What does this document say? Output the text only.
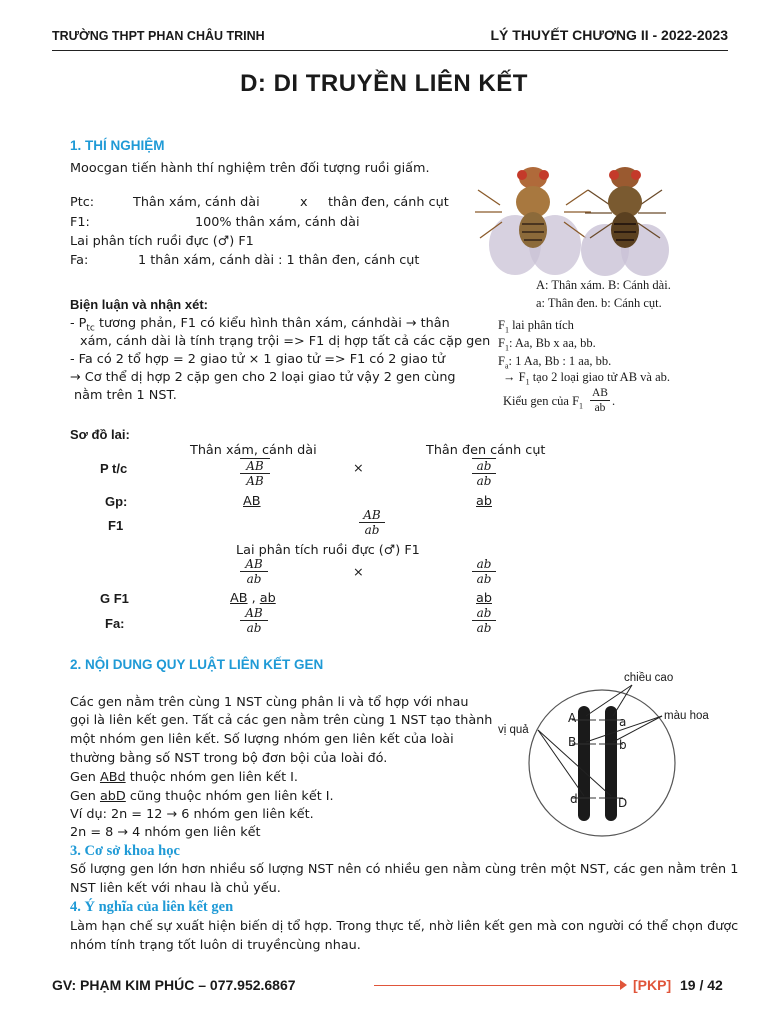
TRƯỜNG THPT PHAN CHÂU TRINH	LÝ THUYẾT CHƯƠNG II - 2022-2023
D: DI TRUYỀN LIÊN KẾT
1. THÍ NGHIỆM
Moocgan tiến hành thí nghiệm trên đối tượng ruồi giấm.
Ptc:	Thân xám, cánh dài	x thân đen, cánh cụt
F1:	100% thân xám, cánh dài
Lai phân tích ruồi đực (♂) F1
Fa:	1 thân xám, cánh dài : 1 thân đen, cánh cụt
Biện luận và nhận xét:
- $P_{tc}$ tương phản, F1 có kiểu hình thân xám, cánhdài → thân
xám, cánh dài là tính trạng trội => F1 dị hợp tất cả các cặp gen
- Fa có 2 tổ hợp = 2 giao tử × 1 giao tử => F1 có 2 giao tử
→ Cơ thể dị hợp 2 cặp gen cho 2 loại giao tử vậy 2 gen cùng
nằm trên 1 NST.
A: Thân xám. B: Cánh dài.
a: Thân đen. b: Cánh cụt.
$F_1$ lai phân tích
$F_1$: Aa, Bb x aa, bb.
$F_a$: 1 Aa, Bb : 1 aa, bb.
→ $F_1$ tạo 2 loại giao tử AB và ab.
Kiểu gen của $F_1 \frac{AB}{ab}$ .
Sơ đồ lai:
Thân xám, cánh dài	Thân đen cánh cụt
P t/c	$\frac{AB}{AB}$	×	$\frac{ab}{ab}$
Gp:	AB	ab
F1	$\frac{AB}{ab}$
Lai phân tích ruồi đực (♂) F1
$\frac{AB}{ab}$	×	$\frac{ab}{ab}$
G F1	AB , ab	ab
Fa:	$\frac{AB}{ab}$	$\frac{ab}{ab}$
2. NỘI DUNG QUY LUẬT LIÊN KẾT GEN
Các gen nằm trên cùng 1 NST cùng phân li và tổ hợp với nhau
gọi là liên kết gen. Tất cả các gen nằm trên cùng 1 NST tạo thành
một nhóm gen liên kết. Số lượng nhóm gen liên kết của loài
thường bằng số NST trong bộ đơn bội của loài đó.
Gen ABd thuộc nhóm gen liên kết I.
Gen abD cũng thuộc nhóm gen liên kết I.
Ví dụ: 2n = 12 → 6 nhóm gen liên kết.
2n = 8 → 4 nhóm gen liên kết
chiều cao
màu hoa
vị quả
A
B
d
a
b
D
3. Cơ sở khoa học
Số lượng gen lớn hơn nhiều số lượng NST nên có nhiều gen nằm cùng trên một NST, các gen nằm trên 1
NST liên kết với nhau là chủ yếu.
4. Ý nghĩa của liên kết gen
Làm hạn chế sự xuất hiện biến dị tổ hợp. Trong thực tế, nhờ liên kết gen mà con người có thể chọn được
nhóm tính trạng tốt luôn di truyềncùng nhau.
GV: PHẠM KIM PHÚC – 077.952.6867	[PKP] 19 / 42
